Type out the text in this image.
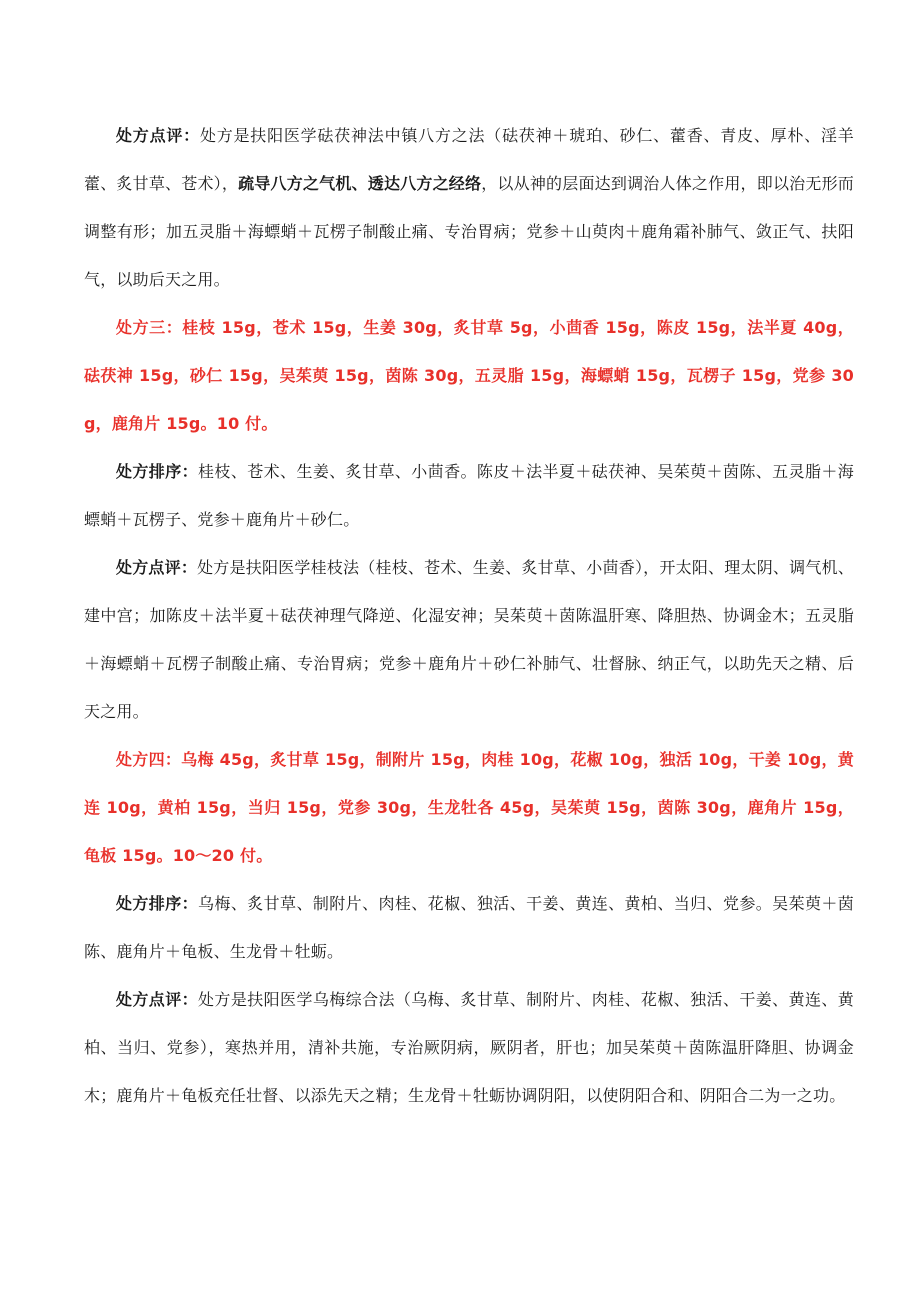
处方点评：处方是扶阳医学砝茯神法中镇八方之法（砝茯神＋琥珀、砂仁、藿香、青皮、厚朴、淫羊藿、炙甘草、苍术），疏导八方之气机、透达八方之经络，以从神的层面达到调治人体之作用，即以治无形而调整有形；加五灵脂＋海螵蛸＋瓦楞子制酸止痛、专治胃病；党参＋山萸肉＋鹿角霜补肺气、敛正气、扶阳气，以助后天之用。

处方三：桂枝 15g，苍术 15g，生姜 30g，炙甘草 5g，小茴香 15g，陈皮 15g，法半夏 40g，砝茯神 15g，砂仁 15g，吴茱萸 15g，茵陈 30g，五灵脂 15g，海螵蛸 15g，瓦楞子 15g，党参 30g，鹿角片 15g。10 付。

处方排序：桂枝、苍术、生姜、炙甘草、小茴香。陈皮＋法半夏＋砝茯神、吴茱萸＋茵陈、五灵脂＋海螵蛸＋瓦楞子、党参＋鹿角片＋砂仁。

处方点评：处方是扶阳医学桂枝法（桂枝、苍术、生姜、炙甘草、小茴香），开太阳、理太阴、调气机、建中宫；加陈皮＋法半夏＋砝茯神理气降逆、化湿安神；吴茱萸＋茵陈温肝寒、降胆热、协调金木；五灵脂＋海螵蛸＋瓦楞子制酸止痛、专治胃病；党参＋鹿角片＋砂仁补肺气、壮督脉、纳正气，以助先天之精、后天之用。

处方四：乌梅 45g，炙甘草 15g，制附片 15g，肉桂 10g，花椒 10g，独活 10g，干姜 10g，黄连 10g，黄柏 15g，当归 15g，党参 30g，生龙牡各 45g，吴茱萸 15g，茵陈 30g，鹿角片 15g，龟板 15g。10～20 付。

处方排序：乌梅、炙甘草、制附片、肉桂、花椒、独活、干姜、黄连、黄柏、当归、党参。吴茱萸＋茵陈、鹿角片＋龟板、生龙骨＋牡蛎。

处方点评：处方是扶阳医学乌梅综合法（乌梅、炙甘草、制附片、肉桂、花椒、独活、干姜、黄连、黄柏、当归、党参），寒热并用，清补共施，专治厥阴病，厥阴者，肝也；加吴茱萸＋茵陈温肝降胆、协调金木；鹿角片＋龟板充任壮督、以添先天之精；生龙骨＋牡蛎协调阴阳，以使阴阳合和、阴阳合二为一之功。
